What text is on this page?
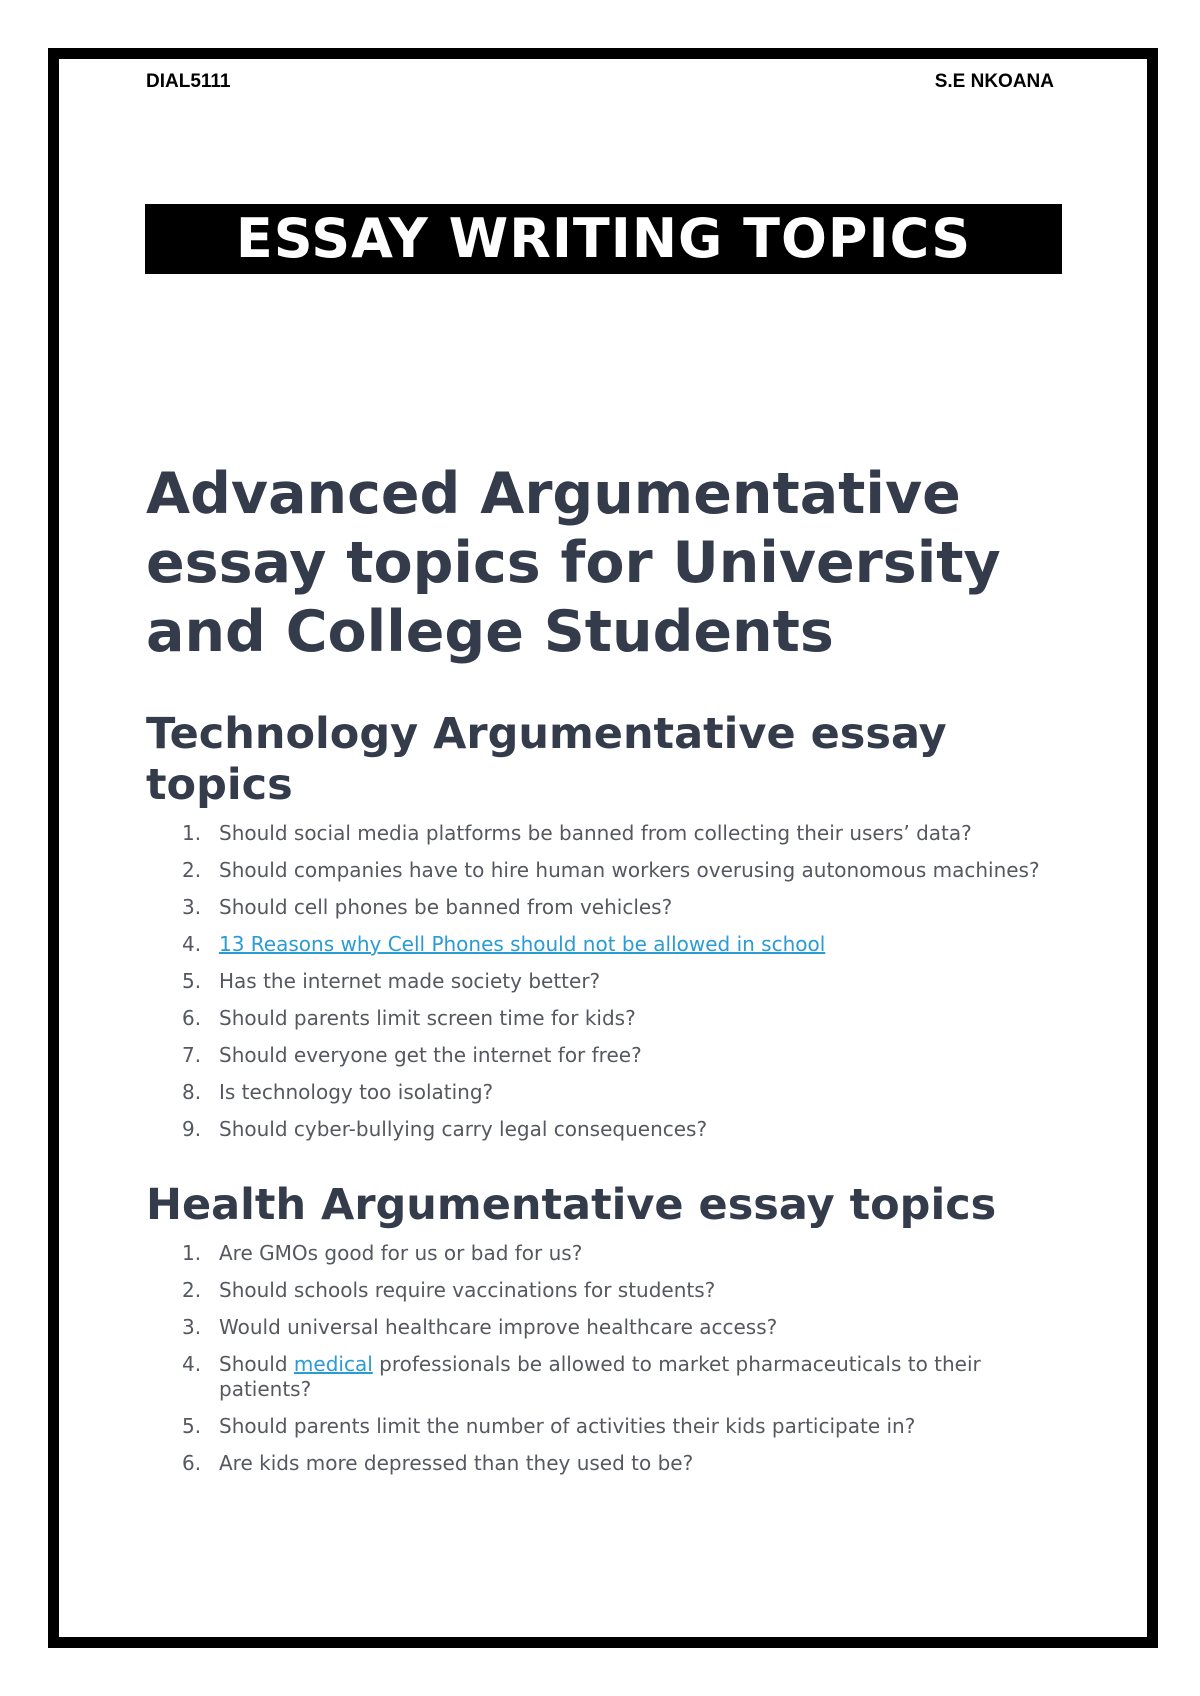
DIAL5111	S.E NKOANA
ESSAY WRITING TOPICS
Advanced Argumentative essay topics for University and College Students
Technology Argumentative essay topics
1. Should social media platforms be banned from collecting their users’ data?
2. Should companies have to hire human workers overusing autonomous machines?
3. Should cell phones be banned from vehicles?
4. 13 Reasons why Cell Phones should not be allowed in school
5. Has the internet made society better?
6. Should parents limit screen time for kids?
7. Should everyone get the internet for free?
8. Is technology too isolating?
9. Should cyber-bullying carry legal consequences?
Health Argumentative essay topics
1. Are GMOs good for us or bad for us?
2. Should schools require vaccinations for students?
3. Would universal healthcare improve healthcare access?
4. Should medical professionals be allowed to market pharmaceuticals to their patients?
5. Should parents limit the number of activities their kids participate in?
6. Are kids more depressed than they used to be?
